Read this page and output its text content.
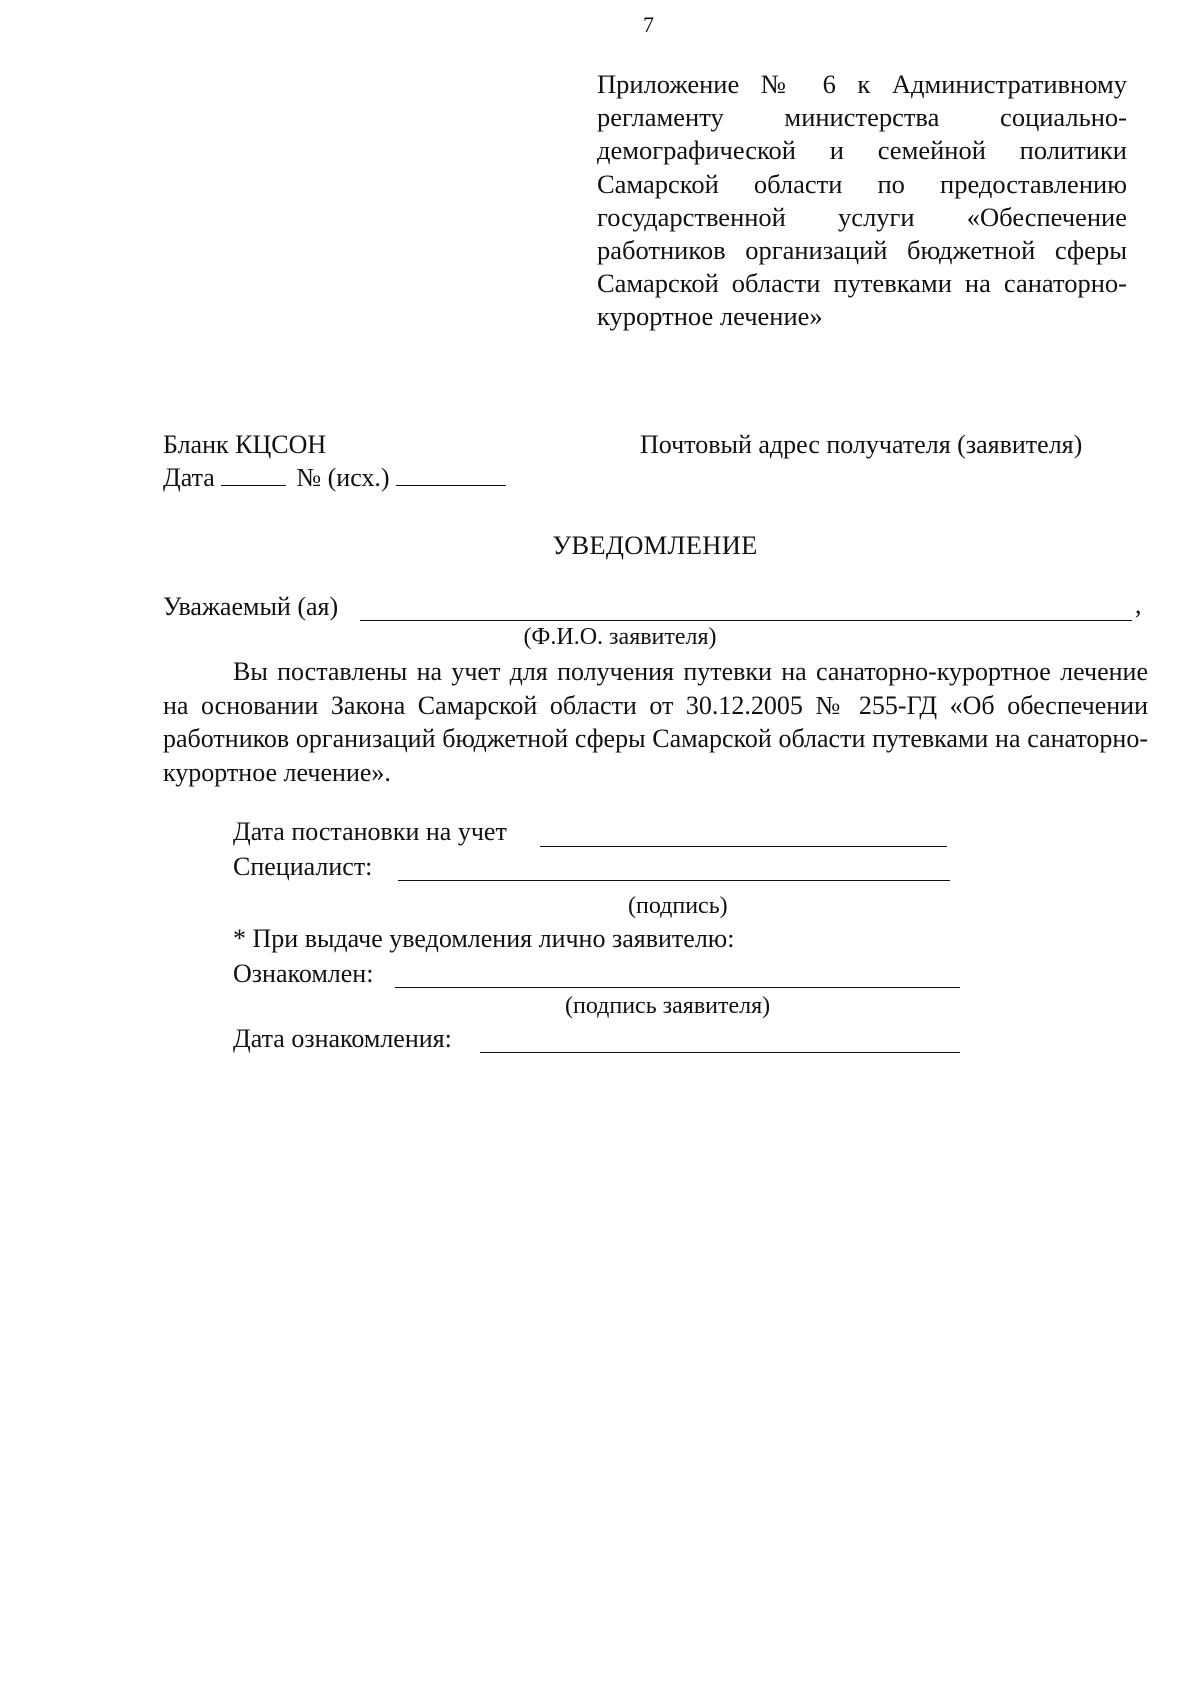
7
Приложение № 6 к Административному регламенту министерства социально-демографической и семейной политики Самарской области по предоставлению государственной услуги «Обеспечение работников организаций бюджетной сферы Самарской области путевками на санаторно-курортное лечение»
Бланк КЦСОН
Дата	№ (исх.)
Почтовый адрес получателя (заявителя)
УВЕДОМЛЕНИЕ
Уважаемый (ая)	,
(Ф.И.О. заявителя)
Вы поставлены на учет для получения путевки на санаторно-курортное лечение на основании Закона Самарской области от 30.12.2005 № 255-ГД «Об обеспечении работников организаций бюджетной сферы Самарской области путевками на санаторно-курортное лечение».
Дата постановки на учет
Специалист:
(подпись)
* При выдаче уведомления лично заявителю:
Ознакомлен:
(подпись заявителя)
Дата ознакомления:
